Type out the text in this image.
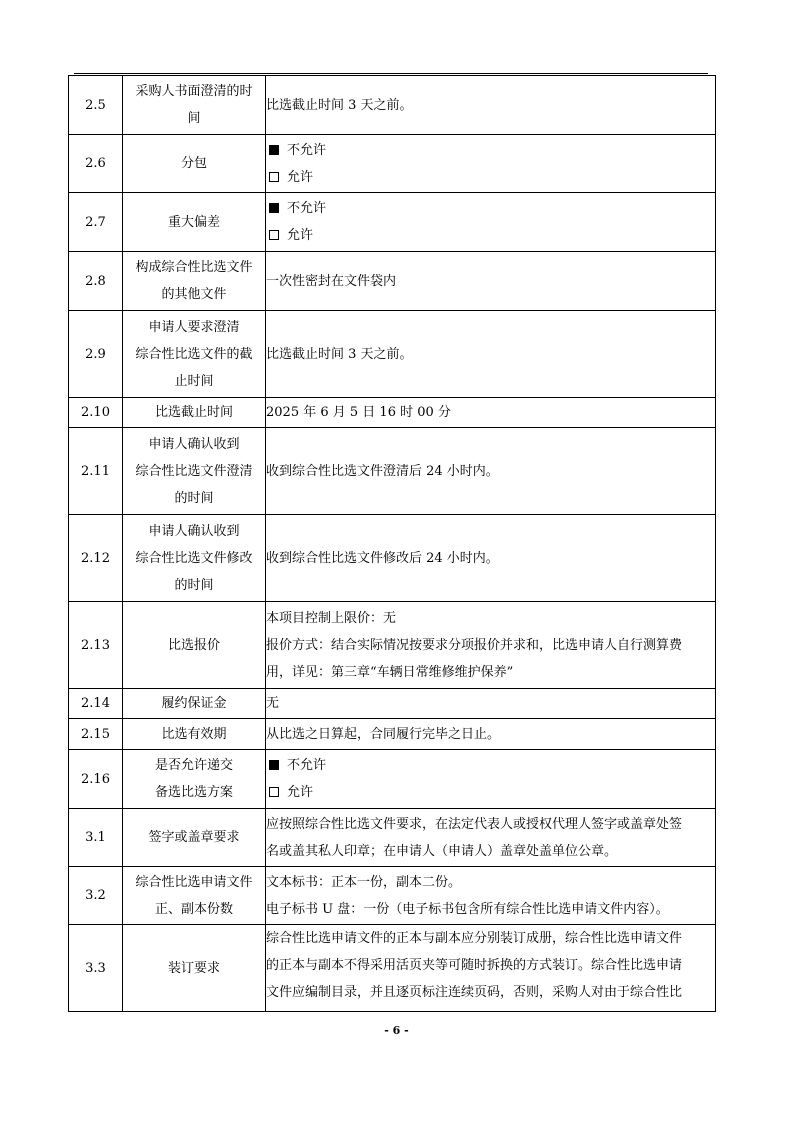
2.5	采购人书面澄清的时
间	比选截止时间 3 天之前。

2.6	分包	不允许
允许

2.7	重大偏差	不允许
允许

2.8	构成综合性比选文件
的其他文件	一次性密封在文件袋内

2.9	申请人要求澄清
综合性比选文件的截
止时间	比选截止时间 3 天之前。

2.10	比选截止时间	2025 年 6 月 5 日 16 时 00 分

2.11	申请人确认收到
综合性比选文件澄清
的时间	收到综合性比选文件澄清后 24 小时内。

2.12	申请人确认收到
综合性比选文件修改
的时间	收到综合性比选文件修改后 24 小时内。

2.13	比选报价	本项目控制上限价：无
报价方式：结合实际情况按要求分项报价并求和，比选申请人自行测算费
用，详见：第三章“车辆日常维修维护保养”

2.14	履约保证金	无

2.15	比选有效期	从比选之日算起，合同履行完毕之日止。

2.16	是否允许递交
备选比选方案	不允许
允许

3.1	签字或盖章要求	应按照综合性比选文件要求，在法定代表人或授权代理人签字或盖章处签
名或盖其私人印章；在申请人（申请人）盖章处盖单位公章。

3.2	综合性比选申请文件
正、副本份数	文本标书：正本一份，副本二份。
电子标书 U 盘：一份（电子标书包含所有综合性比选申请文件内容）。

3.3	装订要求	综合性比选申请文件的正本与副本应分别装订成册，综合性比选申请文件
的正本与副本不得采用活页夹等可随时拆换的方式装订。综合性比选申请
文件应编制目录，并且逐页标注连续页码，否则，采购人对由于综合性比
- 6 -
